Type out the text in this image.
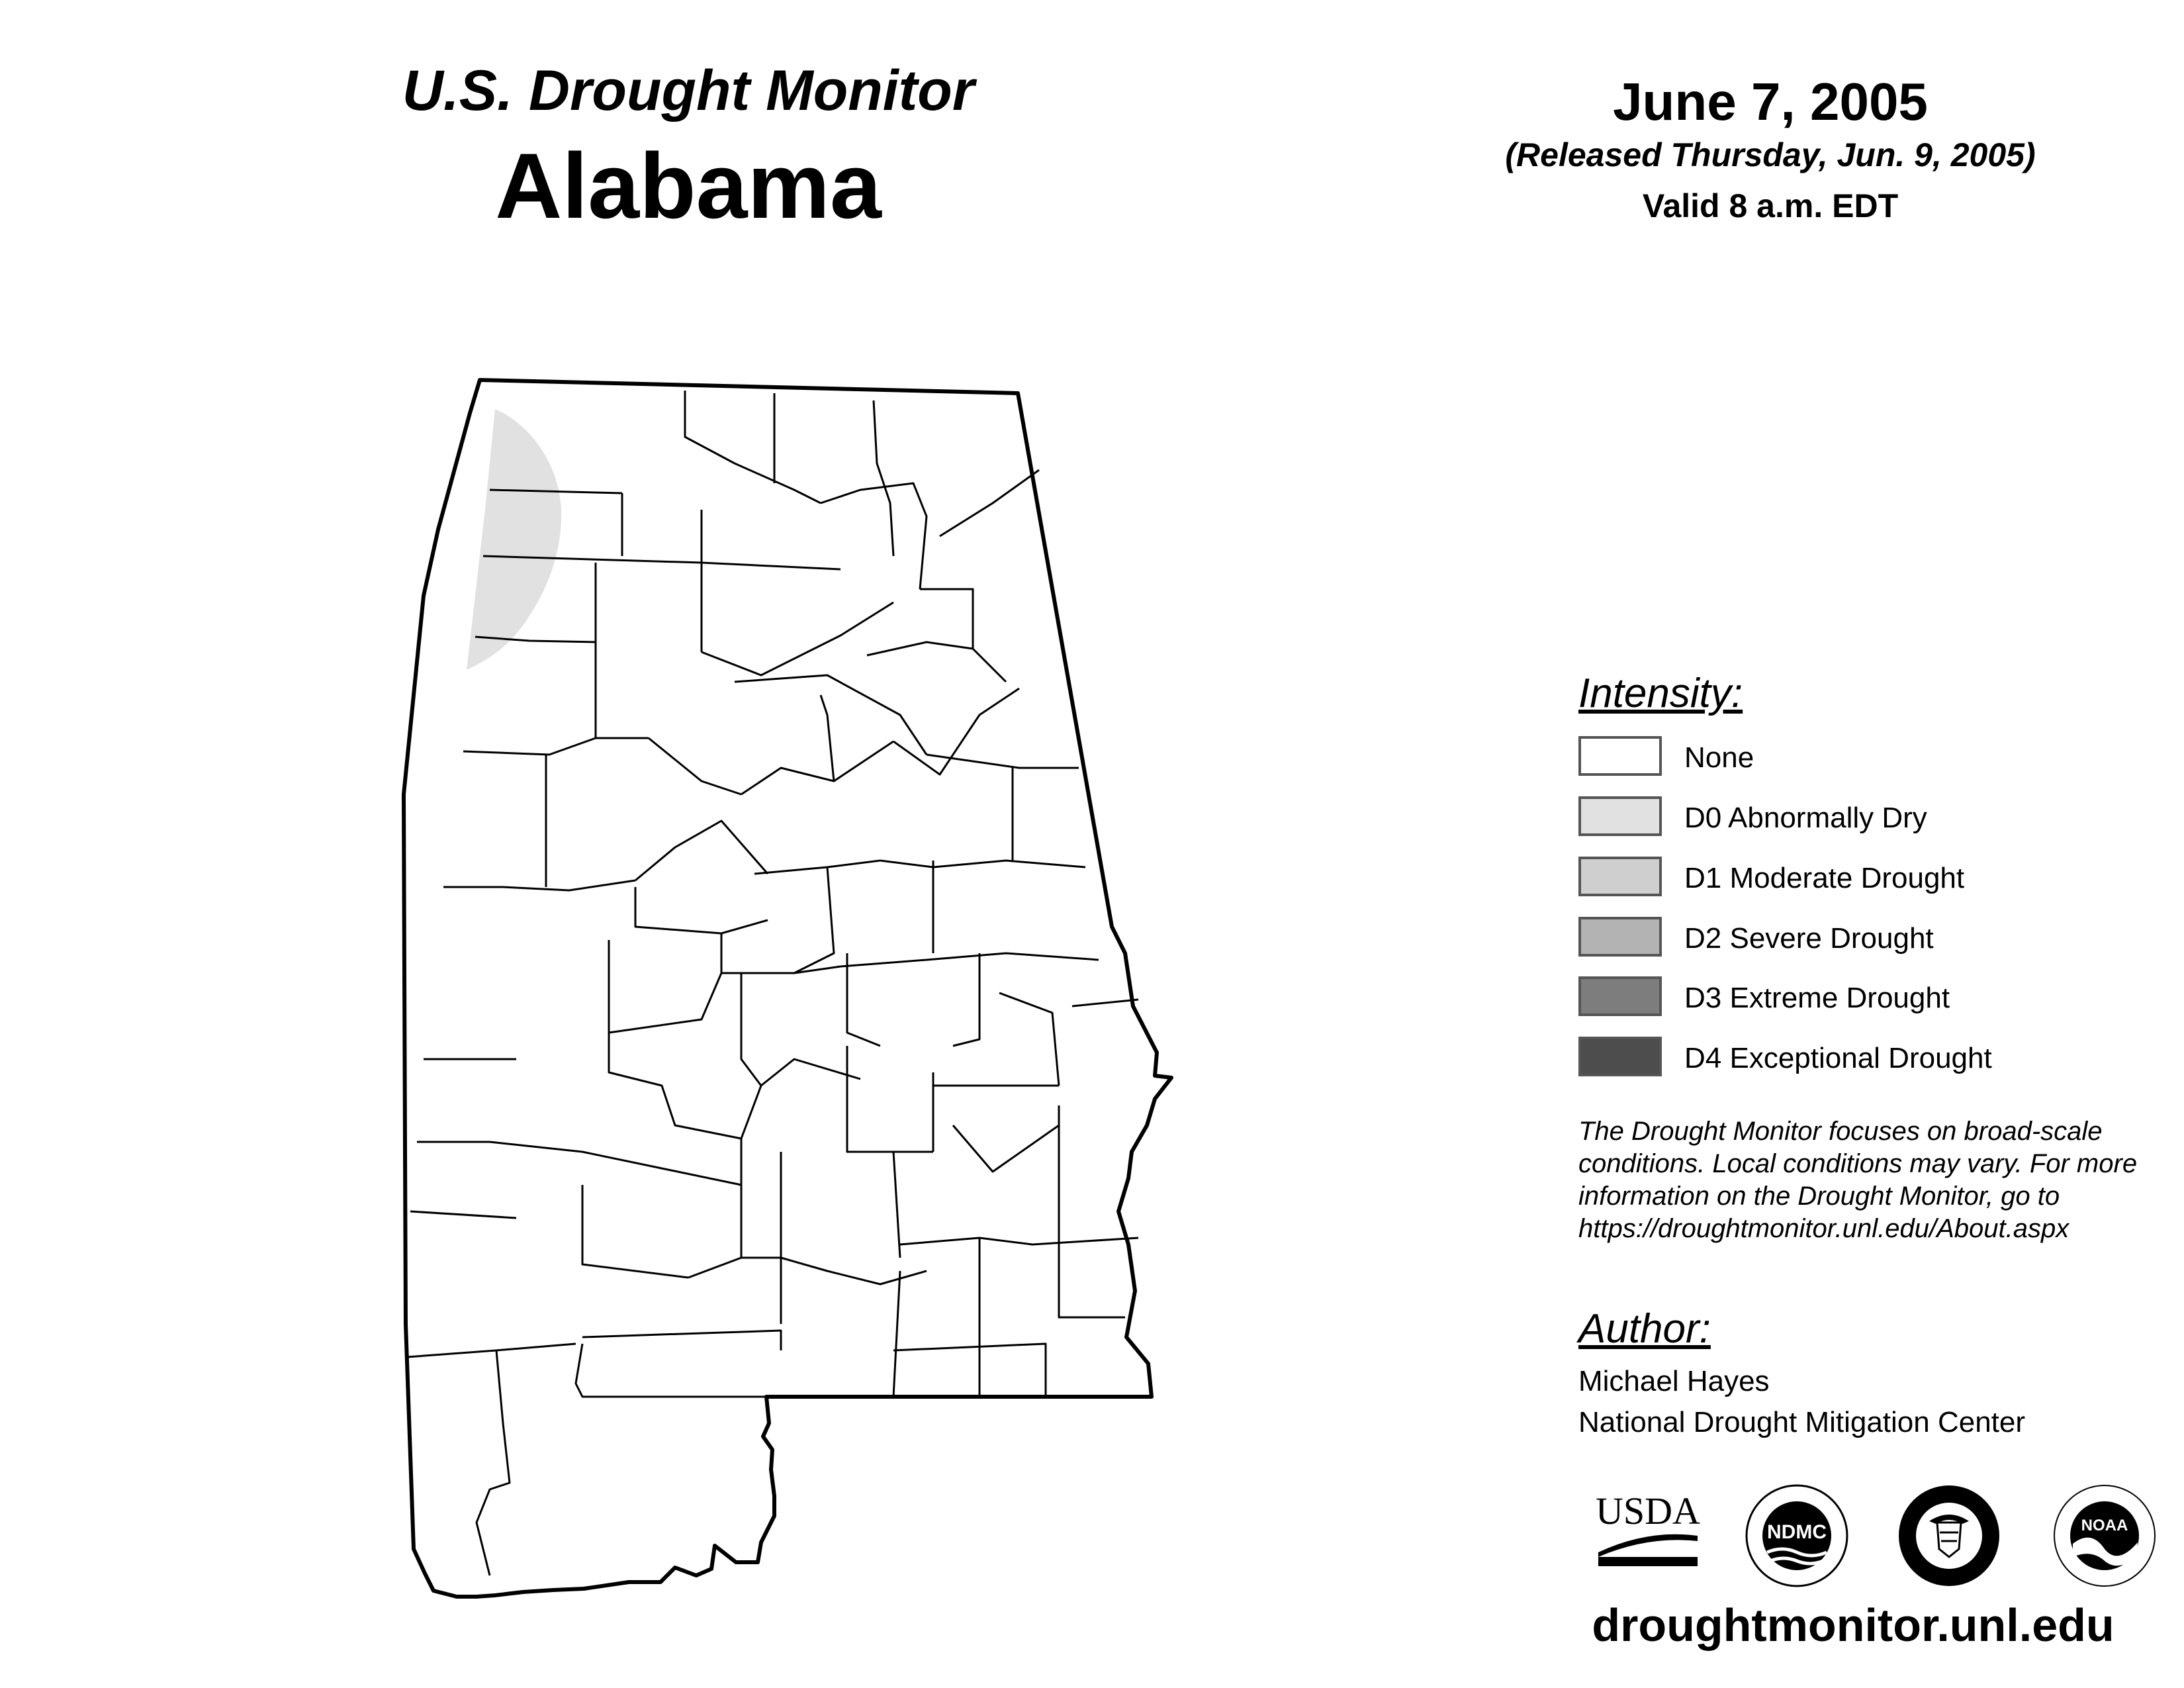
U.S. Drought Monitor
Alabama
June 7, 2005
(Released Thursday, Jun. 9, 2005)
Valid 8 a.m. EDT
Intensity:
None
D0 Abnormally Dry
D1 Moderate Drought
D2 Severe Drought
D3 Extreme Drought
D4 Exceptional Drought
The Drought Monitor focuses on broad-scale
conditions. Local conditions may vary. For more
information on the Drought Monitor, go to
https://droughtmonitor.unl.edu/About.aspx
Author:
Michael Hayes
National Drought Mitigation Center
USDA	NDMC	NOAA
droughtmonitor.unl.edu
